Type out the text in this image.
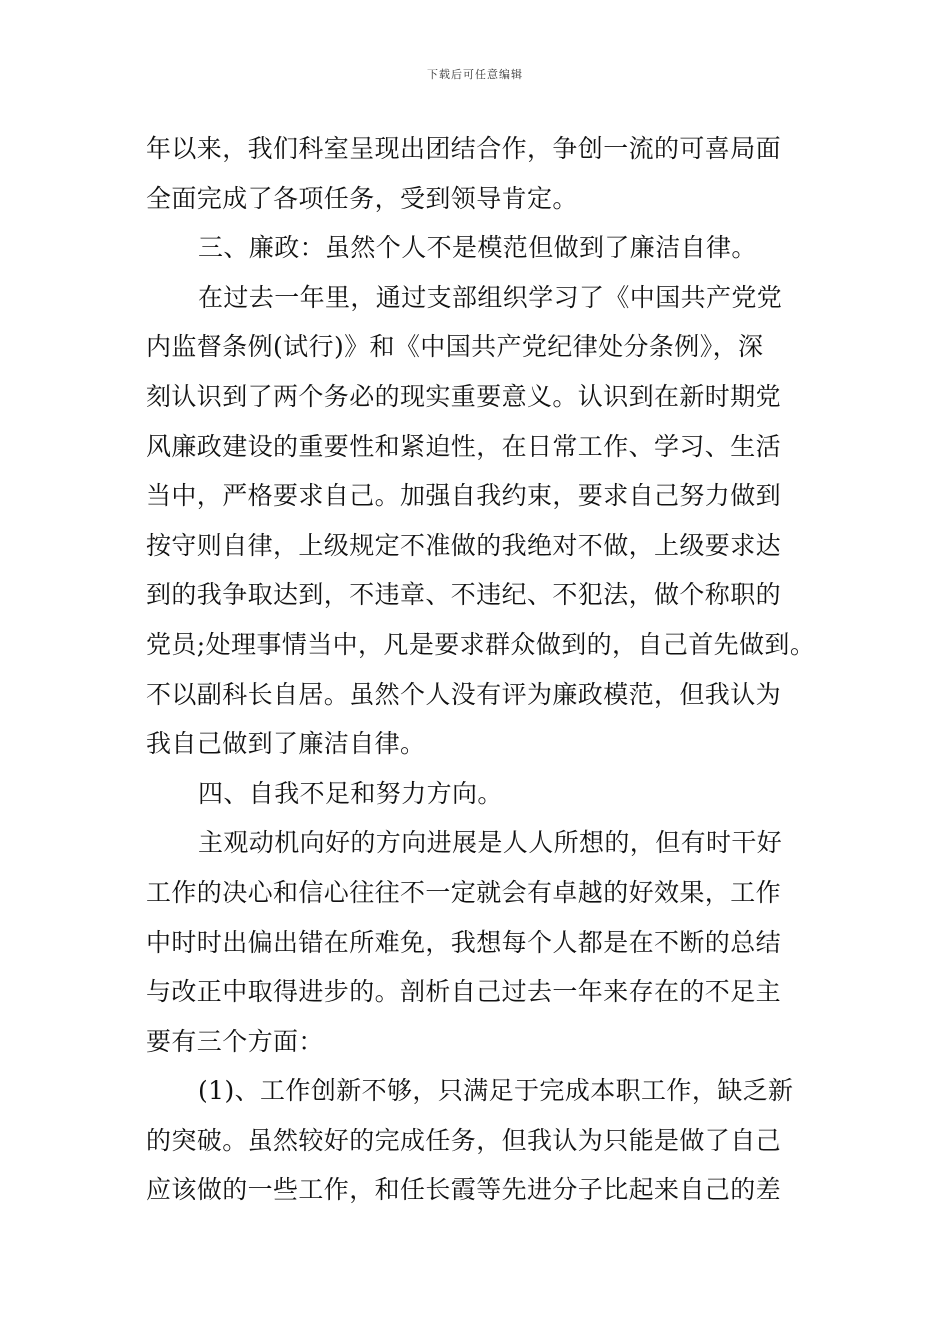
下载后可任意编辑
年以来，我们科室呈现出团结合作，争创一流的可喜局面
全面完成了各项任务，受到领导肯定。
三、廉政：虽然个人不是模范但做到了廉洁自律。
在过去一年里，通过支部组织学习了《中国共产党党
内监督条例(试行)》和《中国共产党纪律处分条例》，深
刻认识到了两个务必的现实重要意义。认识到在新时期党
风廉政建设的重要性和紧迫性，在日常工作、学习、生活
当中，严格要求自己。加强自我约束，要求自己努力做到
按守则自律，上级规定不准做的我绝对不做，上级要求达
到的我争取达到，不违章、不违纪、不犯法，做个称职的
党员;处理事情当中，凡是要求群众做到的，自己首先做到。
不以副科长自居。虽然个人没有评为廉政模范，但我认为
我自己做到了廉洁自律。
四、自我不足和努力方向。
主观动机向好的方向进展是人人所想的，但有时干好
工作的决心和信心往往不一定就会有卓越的好效果，工作
中时时出偏出错在所难免，我想每个人都是在不断的总结
与改正中取得进步的。剖析自己过去一年来存在的不足主
要有三个方面：
(1)、工作创新不够，只满足于完成本职工作，缺乏新
的突破。虽然较好的完成任务，但我认为只能是做了自己
应该做的一些工作，和任长霞等先进分子比起来自己的差
